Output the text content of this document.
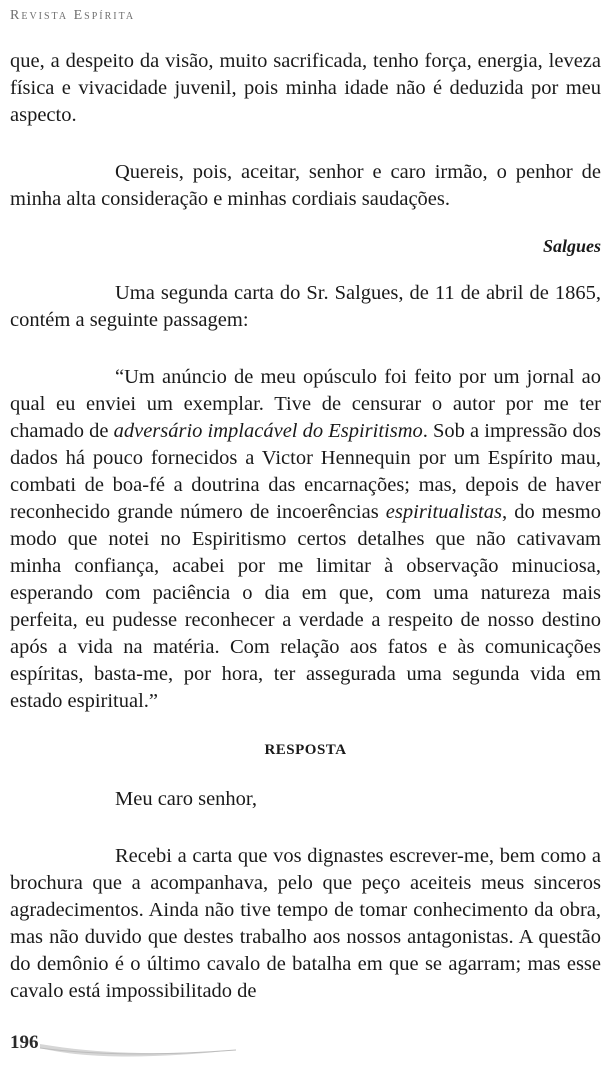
Revista Espírita

que, a despeito da visão, muito sacrificada, tenho força, energia, leveza física e vivacidade juvenil, pois minha idade não é deduzida por meu aspecto.

Quereis, pois, aceitar, senhor e caro irmão, o penhor de minha alta consideração e minhas cordiais saudações.

Salgues

Uma segunda carta do Sr. Salgues, de 11 de abril de 1865, contém a seguinte passagem:

“Um anúncio de meu opúsculo foi feito por um jornal ao qual eu enviei um exemplar. Tive de censurar o autor por me ter chamado de adversário implacável do Espiritismo. Sob a impressão dos dados há pouco fornecidos a Victor Hennequin por um Espírito mau, combati de boa-fé a doutrina das encarnações; mas, depois de haver reconhecido grande número de incoerências espiritualistas, do mesmo modo que notei no Espiritismo certos detalhes que não cativavam minha confiança, acabei por me limitar à observação minuciosa, esperando com paciência o dia em que, com uma natureza mais perfeita, eu pudesse reconhecer a verdade a respeito de nosso destino após a vida na matéria. Com relação aos fatos e às comunicações espíritas, basta-me, por hora, ter assegurada uma segunda vida em estado espiritual.”

RESPOSTA

Meu caro senhor,

Recebi a carta que vos dignastes escrever-me, bem como a brochura que a acompanhava, pelo que peço aceiteis meus sinceros agradecimentos. Ainda não tive tempo de tomar conhecimento da obra, mas não duvido que destes trabalho aos nossos antagonistas. A questão do demônio é o último cavalo de batalha em que se agarram; mas esse cavalo está impossibilitado de

196
